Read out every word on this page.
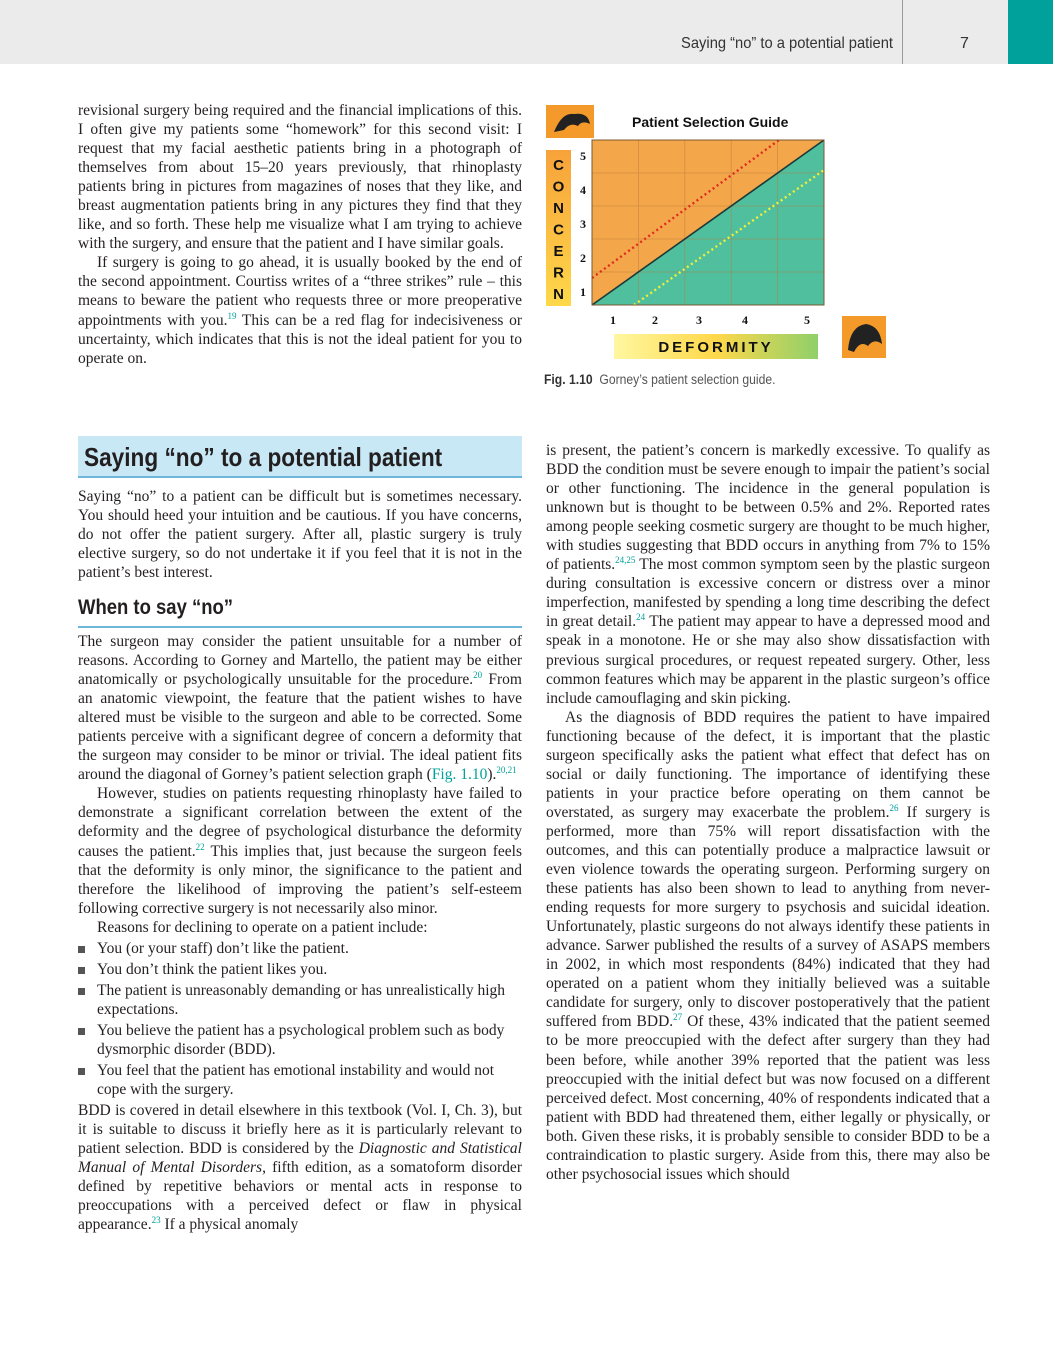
Saying “no” to a potential patient	7

revisional surgery being required and the financial implications of this. I often give my patients some “homework” for this second visit: I request that my facial aesthetic patients bring in a photograph of themselves from about 15–20 years previously, that rhinoplasty patients bring in pictures from magazines of noses that they like, and breast augmentation patients bring in any pictures they find that they like, and so forth. These help me visualize what I am trying to achieve with the surgery, and ensure that the patient and I have similar goals.

If surgery is going to go ahead, it is usually booked by the end of the second appointment. Courtiss writes of a “three strikes” rule – this means to beware the patient who requests three or more preoperative appointments with you.$^{19}$ This can be a red flag for indecisiveness or uncertainty, which indicates that this is not the ideal patient for you to operate on.

C
O
N
C
E
R
N
Patient Selection Guide
5
4
3
2
1
1	2	3	4	5
DEFORMITY
Fig. 1.10 Gorney’s patient selection guide.
Saying “no” to a potential patient

Saying “no” to a patient can be difficult but is sometimes necessary. You should heed your intuition and be cautious. If you have concerns, do not offer the patient surgery. After all, plastic surgery is truly elective surgery, so do not undertake it if you feel that it is not in the patient’s best interest.

When to say “no”

The surgeon may consider the patient unsuitable for a number of reasons. According to Gorney and Martello, the patient may be either anatomically or psychologically unsuitable for the procedure.$^{20}$ From an anatomic viewpoint, the feature that the patient wishes to have altered must be visible to the surgeon and able to be corrected. Some patients perceive with a significant degree of concern a deformity that the surgeon may consider to be minor or trivial. The ideal patient fits around the diagonal of Gorney’s patient selection graph (Fig. 1.10).$^{20,21}$

However, studies on patients requesting rhinoplasty have failed to demonstrate a significant correlation between the extent of the deformity and the degree of psychological disturbance the deformity causes the patient.$^{22}$ This implies that, just because the surgeon feels that the deformity is only minor, the significance to the patient and therefore the likelihood of improving the patient’s self-esteem following corrective surgery is not necessarily also minor.

Reasons for declining to operate on a patient include:

You (or your staff) don’t like the patient.
You don’t think the patient likes you.
The patient is unreasonably demanding or has unrealistically high expectations.
You believe the patient has a psychological problem such as body dysmorphic disorder (BDD).
You feel that the patient has emotional instability and would not cope with the surgery.

BDD is covered in detail elsewhere in this textbook (Vol. I, Ch. 3), but it is suitable to discuss it briefly here as it is particularly relevant to patient selection. BDD is considered by the Diagnostic and Statistical Manual of Mental Disorders, fifth edition, as a somatoform disorder defined by repetitive behaviors or mental acts in response to preoccupations with a perceived defect or flaw in physical appearance.$^{23}$ If a physical anomaly

is present, the patient’s concern is markedly excessive. To qualify as BDD the condition must be severe enough to impair the patient’s social or other functioning. The incidence in the general population is unknown but is thought to be between 0.5% and 2%. Reported rates among people seeking cosmetic surgery are thought to be much higher, with studies suggesting that BDD occurs in anything from 7% to 15% of patients.$^{24,25}$ The most common symptom seen by the plastic surgeon during consultation is excessive concern or distress over a minor imperfection, manifested by spending a long time describing the defect in great detail.$^{24}$ The patient may appear to have a depressed mood and speak in a monotone. He or she may also show dissatisfaction with previous surgical procedures, or request repeated surgery. Other, less common features which may be apparent in the plastic surgeon’s office include camouflaging and skin picking.

As the diagnosis of BDD requires the patient to have impaired functioning because of the defect, it is important that the plastic surgeon specifically asks the patient what effect that defect has on social or daily functioning. The importance of identifying these patients in your practice before operating on them cannot be overstated, as surgery may exacerbate the problem.$^{26}$ If surgery is performed, more than 75% will report dissatisfaction with the outcomes, and this can potentially produce a malpractice lawsuit or even violence towards the operating surgeon. Performing surgery on these patients has also been shown to lead to anything from never-ending requests for more surgery to psychosis and suicidal ideation. Unfortunately, plastic surgeons do not always identify these patients in advance. Sarwer published the results of a survey of ASAPS members in 2002, in which most respondents (84%) indicated that they had operated on a patient whom they initially believed was a suitable candidate for surgery, only to discover postoperatively that the patient suffered from BDD.$^{27}$ Of these, 43% indicated that the patient seemed to be more preoccupied with the defect after surgery than they had been before, while another 39% reported that the patient was less preoccupied with the initial defect but was now focused on a different perceived defect. Most concerning, 40% of respondents indicated that a patient with BDD had threatened them, either legally or physically, or both. Given these risks, it is probably sensible to consider BDD to be a contraindication to plastic surgery. Aside from this, there may also be other psychosocial issues which should
